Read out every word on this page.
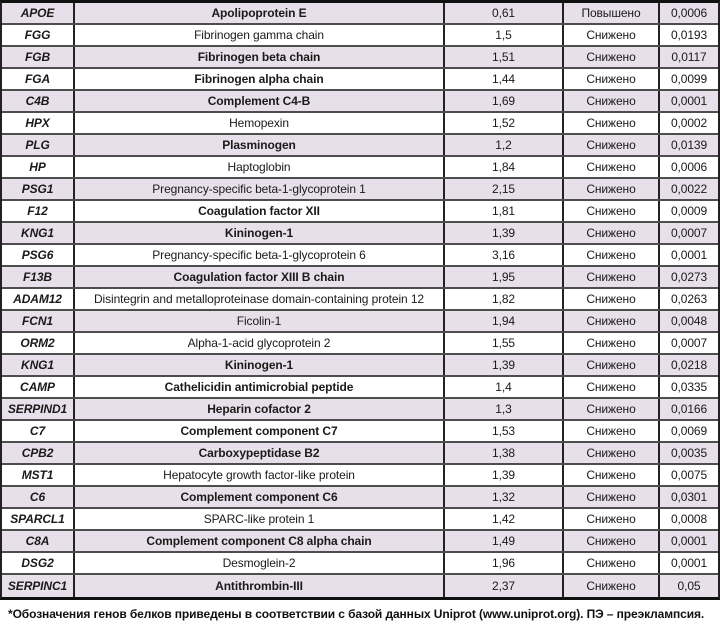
APOE	Apolipoprotein E	0,61	Повышено	0,0006
FGG	Fibrinogen gamma chain	1,5	Снижено	0,0193
FGB	Fibrinogen beta chain	1,51	Снижено	0,0117
FGA	Fibrinogen alpha chain	1,44	Снижено	0,0099
C4B	Complement C4-B	1,69	Снижено	0,0001
HPX	Hemopexin	1,52	Снижено	0,0002
PLG	Plasminogen	1,2	Снижено	0,0139
HP	Haptoglobin	1,84	Снижено	0,0006
PSG1	Pregnancy-specific beta-1-glycoprotein 1	2,15	Снижено	0,0022
F12	Coagulation factor XII	1,81	Снижено	0,0009
KNG1	Kininogen-1	1,39	Снижено	0,0007
PSG6	Pregnancy-specific beta-1-glycoprotein 6	3,16	Снижено	0,0001
F13B	Coagulation factor XIII B chain	1,95	Снижено	0,0273
ADAM12	Disintegrin and metalloproteinase domain-containing protein 12	1,82	Снижено	0,0263
FCN1	Ficolin-1	1,94	Снижено	0,0048
ORM2	Alpha-1-acid glycoprotein 2	1,55	Снижено	0,0007
KNG1	Kininogen-1	1,39	Снижено	0,0218
CAMP	Cathelicidin antimicrobial peptide	1,4	Снижено	0,0335
SERPIND1	Heparin cofactor 2	1,3	Снижено	0,0166
C7	Complement component C7	1,53	Снижено	0,0069
CPB2	Carboxypeptidase B2	1,38	Снижено	0,0035
MST1	Hepatocyte growth factor-like protein	1,39	Снижено	0,0075
C6	Complement component C6	1,32	Снижено	0,0301
SPARCL1	SPARC-like protein 1	1,42	Снижено	0,0008
C8A	Complement component C8 alpha chain	1,49	Снижено	0,0001
DSG2	Desmoglein-2	1,96	Снижено	0,0001
SERPINC1	Antithrombin-III	2,37	Снижено	0,05
*Обозначения генов белков приведены в соответствии с базой данных Uniprot (www.uniprot.org). ПЭ – преэклампсия.
